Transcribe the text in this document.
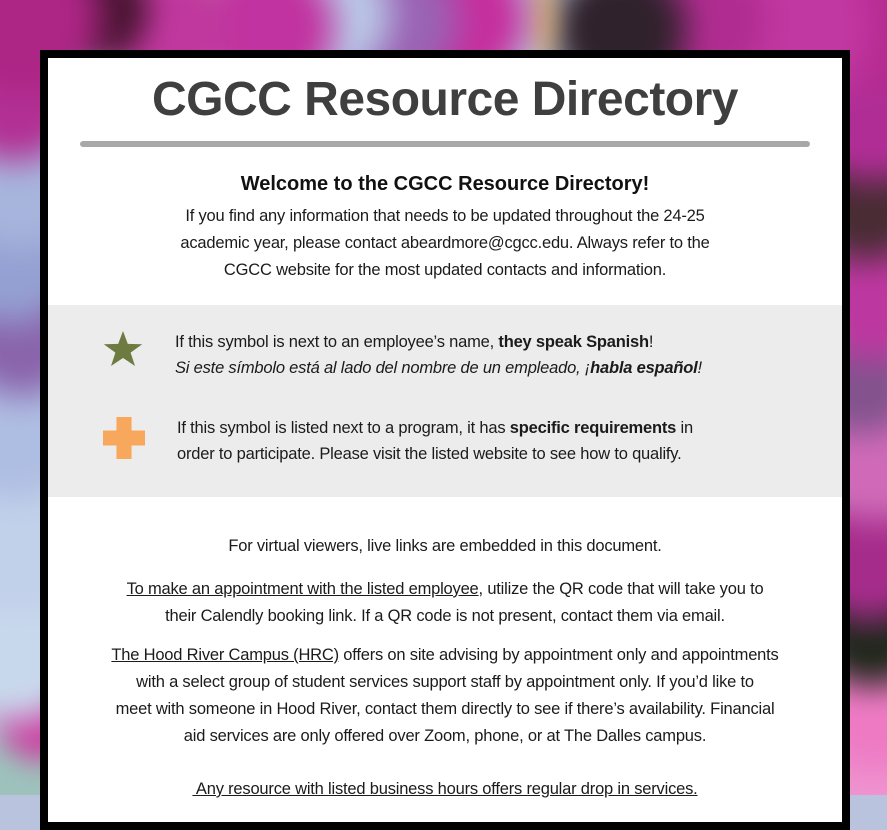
CGCC Resource Directory
Welcome to the CGCC Resource Directory!
If you find any information that needs to be updated throughout the 24-25
academic year, please contact abeardmore@cgcc.edu. Always refer to the
CGCC website for the most updated contacts and information.
If this symbol is next to an employee’s name, they speak Spanish!
Si este símbolo está al lado del nombre de un empleado, ¡habla español!
If this symbol is listed next to a program, it has specific requirements in
order to participate. Please visit the listed website to see how to qualify.
For virtual viewers, live links are embedded in this document.
To make an appointment with the listed employee, utilize the QR code that will take you to
their Calendly booking link. If a QR code is not present, contact them via email.
The Hood River Campus (HRC) offers on site advising by appointment only and appointments
with a select group of student services support staff by appointment only. If you’d like to
meet with someone in Hood River, contact them directly to see if there’s availability. Financial
aid services are only offered over Zoom, phone, or at The Dalles campus.
Any resource with listed business hours offers regular drop in services.
